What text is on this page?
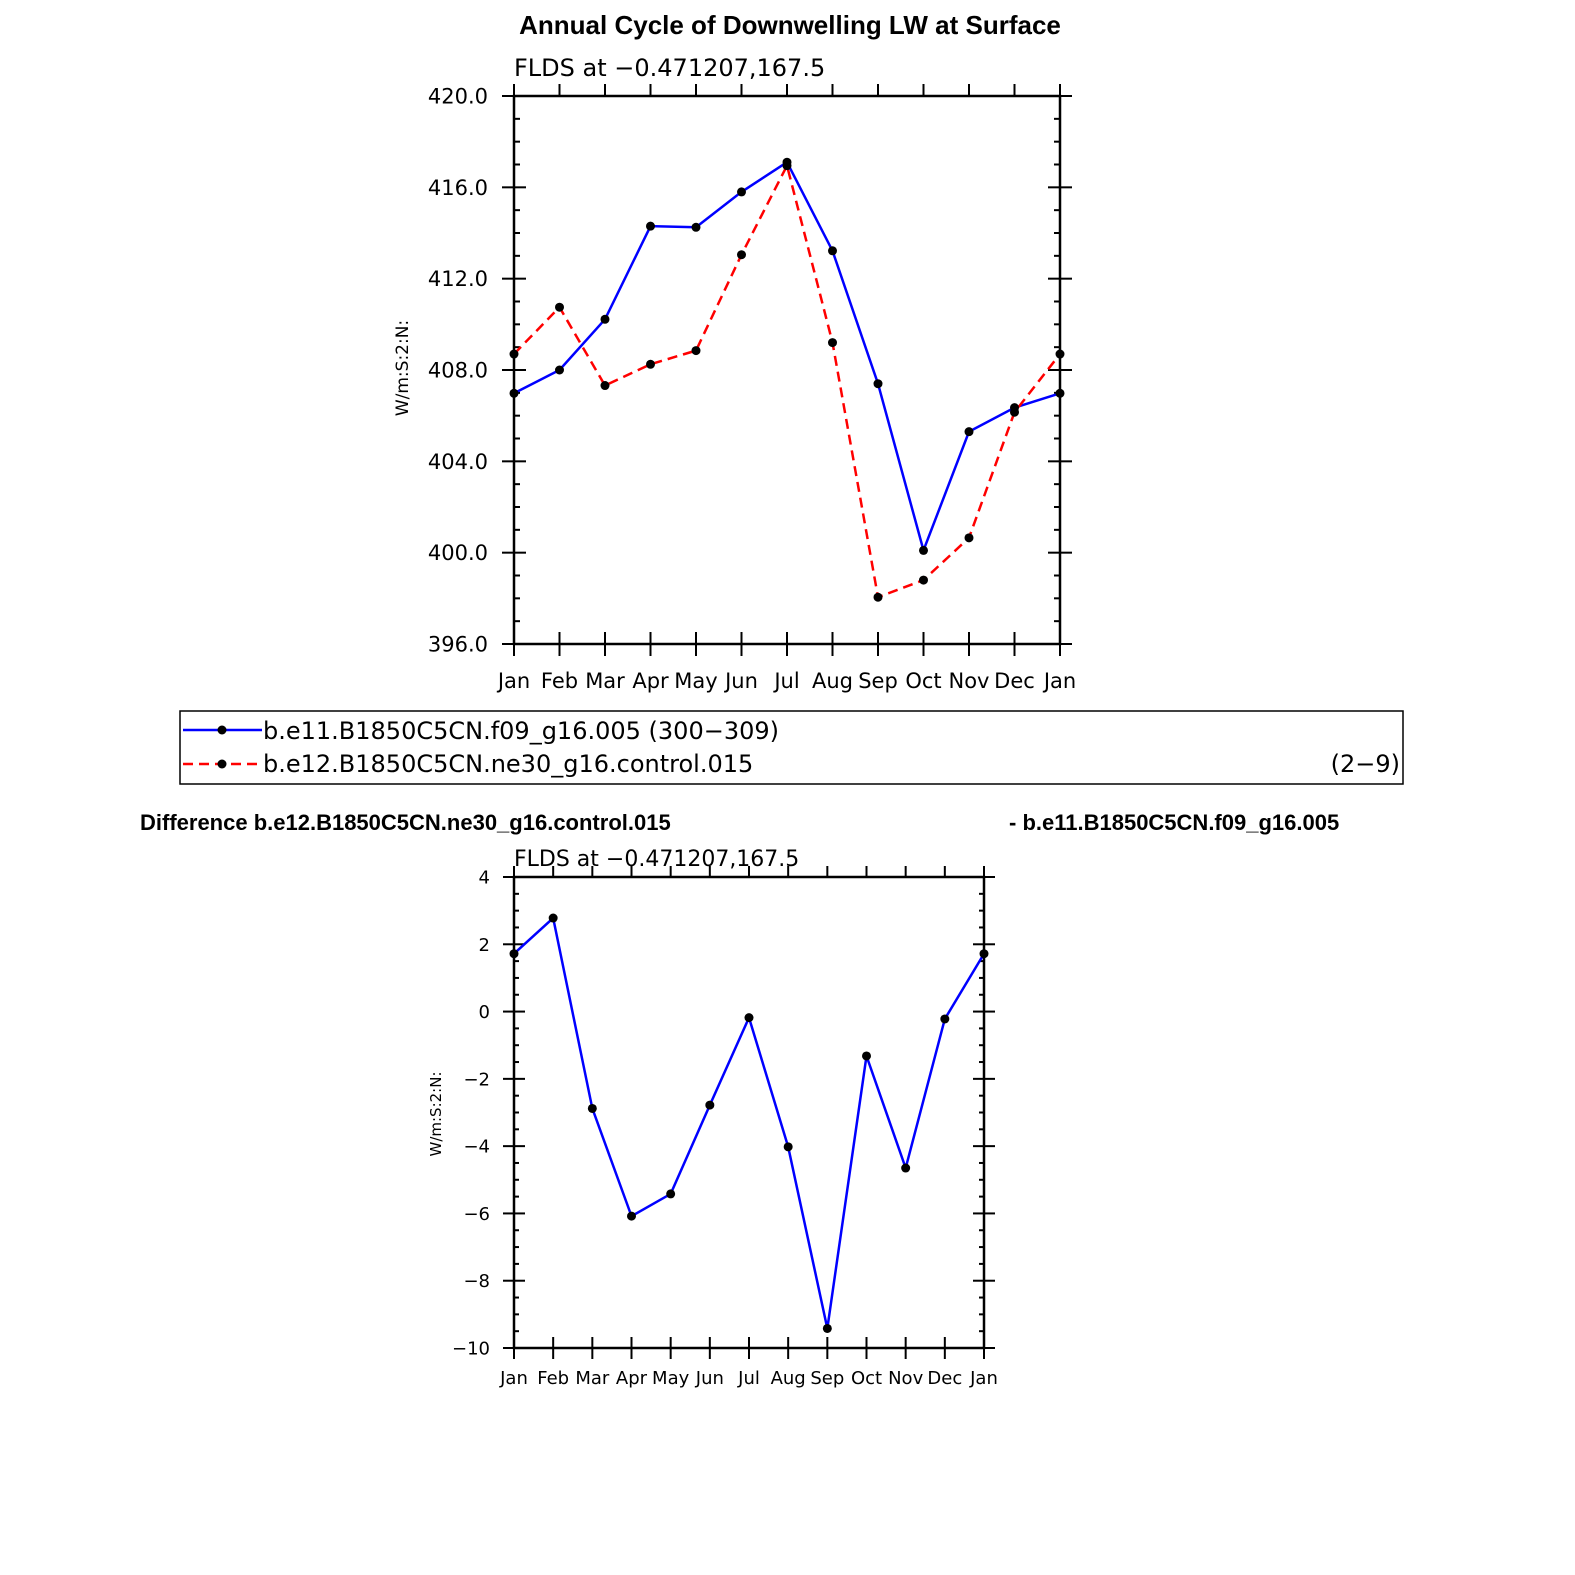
Annual Cycle of Downwelling LW at Surface
FLDS at −0.471207,167.5
W/m:S:2:N:
Jan Feb Mar Apr May Jun Jul Aug Sep Oct Nov Dec Jan
396.0
400.0
404.0
408.0
412.0
416.0
420.0
b.e11.B1850C5CN.f09_g16.005 (300−309)
b.e12.B1850C5CN.ne30_g16.control.015	(2−9)
Difference b.e12.B1850C5CN.ne30_g16.control.015	- b.e11.B1850C5CN.f09_g16.005
FLDS at −0.471207,167.5
W/m:S:2:N:
Jan Feb Mar Apr May Jun Jul Aug Sep Oct Nov Dec Jan
−10
−8
−6
−4
−2
0
2
4
